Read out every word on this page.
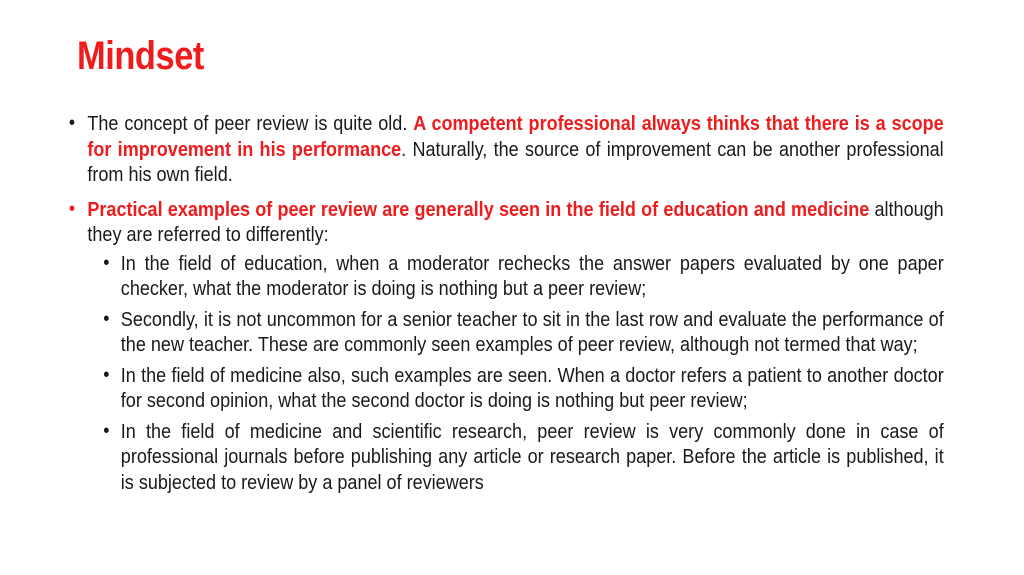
Mindset
• The concept of peer review is quite old. A competent professional always thinks that there is a scope for improvement in his performance. Naturally, the source of improvement can be another professional from his own field.
• Practical examples of peer review are generally seen in the field of education and medicine although they are referred to differently:
• In the field of education, when a moderator rechecks the answer papers evaluated by one paper checker, what the moderator is doing is nothing but a peer review;
• Secondly, it is not uncommon for a senior teacher to sit in the last row and evaluate the performance of the new teacher. These are commonly seen examples of peer review, although not termed that way;
• In the field of medicine also, such examples are seen. When a doctor refers a patient to another doctor for second opinion, what the second doctor is doing is nothing but peer review;
• In the field of medicine and scientific research, peer review is very commonly done in case of professional journals before publishing any article or research paper. Before the article is published, it is subjected to review by a panel of reviewers
